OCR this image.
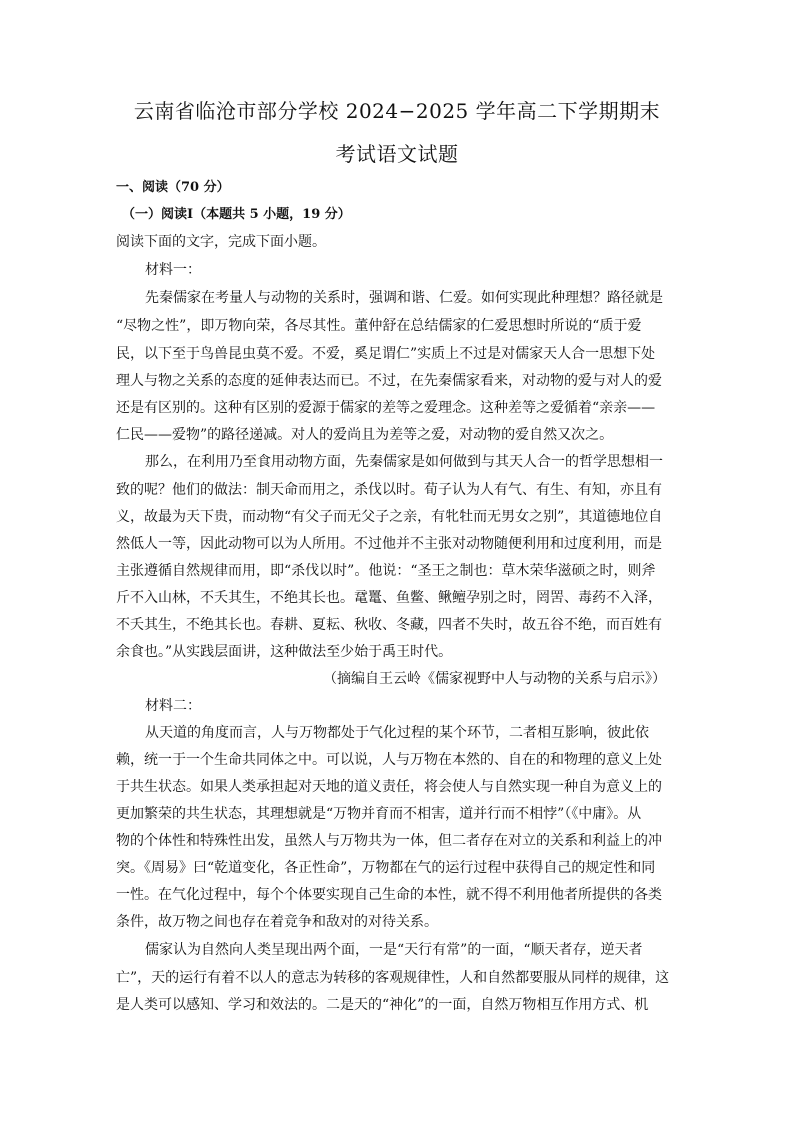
云南省临沧市部分学校 2024−2025 学年高二下学期期末
考试语文试题
一、阅读（70 分）
（一）阅读Ⅰ（本题共 5 小题，19 分）
阅读下面的文字，完成下面小题。
材料一：
先秦儒家在考量人与动物的关系时，强调和谐、仁爱。如何实现此种理想？路径就是
“尽物之性”，即万物向荣，各尽其性。董仲舒在总结儒家的仁爱思想时所说的“质于爱
民，以下至于鸟兽昆虫莫不爱。不爱，奚足谓仁”实质上不过是对儒家天人合一思想下处
理人与物之关系的态度的延伸表达而已。不过，在先秦儒家看来，对动物的爱与对人的爱
还是有区别的。这种有区别的爱源于儒家的差等之爱理念。这种差等之爱循着“亲亲——
仁民——爱物”的路径递减。对人的爱尚且为差等之爱，对动物的爱自然又次之。
那么，在利用乃至食用动物方面，先秦儒家是如何做到与其天人合一的哲学思想相一
致的呢？他们的做法：制天命而用之，杀伐以时。荀子认为人有气、有生、有知，亦且有
义，故最为天下贵，而动物“有父子而无父子之亲，有牝牡而无男女之别”，其道德地位自
然低人一等，因此动物可以为人所用。不过他并不主张对动物随便利用和过度利用，而是
主张遵循自然规律而用，即“杀伐以时”。他说：“圣王之制也：草木荣华滋硕之时，则斧
斤不入山林，不夭其生，不绝其长也。鼋鼍、鱼鳖、鳅鳣孕别之时，罔罟、毒药不入泽，
不夭其生，不绝其长也。春耕、夏耘、秋收、冬藏，四者不失时，故五谷不绝，而百姓有
余食也。”从实践层面讲，这种做法至少始于禹王时代。
（摘编自王云岭《儒家视野中人与动物的关系与启示》）
材料二：
从天道的角度而言，人与万物都处于气化过程的某个环节，二者相互影响，彼此依
赖，统一于一个生命共同体之中。可以说，人与万物在本然的、自在的和物理的意义上处
于共生状态。如果人类承担起对天地的道义责任，将会使人与自然实现一种自为意义上的
更加繁荣的共生状态，其理想就是“万物并育而不相害，道并行而不相悖”（《中庸》。从
物的个体性和特殊性出发，虽然人与万物共为一体，但二者存在对立的关系和利益上的冲
突。《周易》曰“乾道变化，各正性命”，万物都在气的运行过程中获得自己的规定性和同
一性。在气化过程中，每个个体要实现自己生命的本性，就不得不利用他者所提供的各类
条件，故万物之间也存在着竞争和敌对的对待关系。
儒家认为自然向人类呈现出两个面，一是“天行有常”的一面，“顺天者存，逆天者
亡”，天的运行有着不以人的意志为转移的客观规律性，人和自然都要服从同样的规律，这
是人类可以感知、学习和效法的。二是天的“神化”的一面，自然万物相互作用方式、机
